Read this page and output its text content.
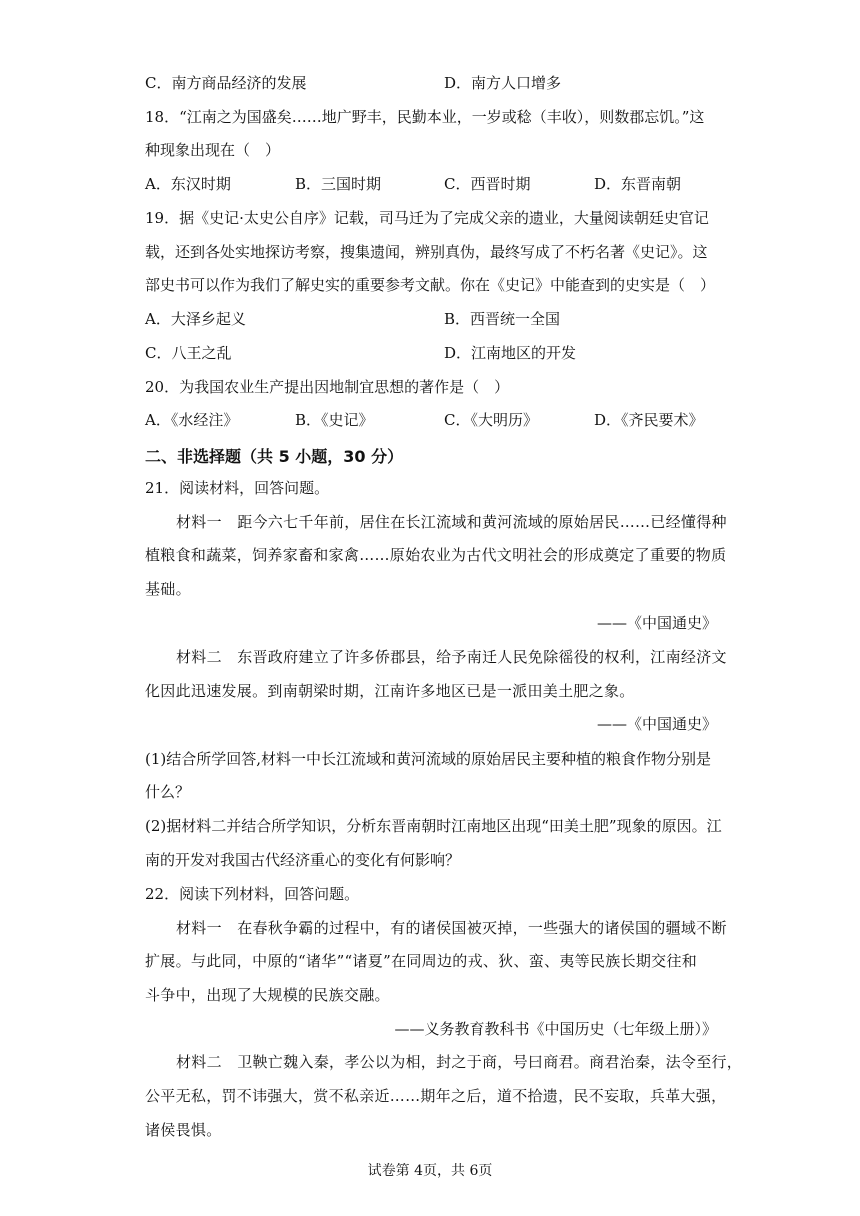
C．南方商品经济的发展	D．南方人口增多
18．“江南之为国盛矣……地广野丰，民勤本业，一岁或稔（丰收），则数郡忘饥。”这
种现象出现在（　）
A．东汉时期	B．三国时期	C．西晋时期	D．东晋南朝
19．据《史记·太史公自序》记载，司马迁为了完成父亲的遗业，大量阅读朝廷史官记
载，还到各处实地探访考察，搜集遗闻，辨别真伪，最终写成了不朽名著《史记》。这
部史书可以作为我们了解史实的重要参考文献。你在《史记》中能查到的史实是（　）
A．大泽乡起义	B．西晋统一全国
C．八王之乱	D．江南地区的开发
20．为我国农业生产提出因地制宜思想的著作是（　）
A．《水经注》	B．《史记》	C．《大明历》	D．《齐民要术》
二、非选择题（共 5 小题，30 分）
21．阅读材料，回答问题。
材料一　距今六七千年前，居住在长江流域和黄河流域的原始居民……已经懂得种
植粮食和蔬菜，饲养家畜和家禽……原始农业为古代文明社会的形成奠定了重要的物质
基础。
——《中国通史》
材料二　东晋政府建立了许多侨郡县，给予南迁人民免除徭役的权利，江南经济文
化因此迅速发展。到南朝梁时期，江南许多地区已是一派田美土肥之象。
——《中国通史》
(1)结合所学回答,材料一中长江流域和黄河流域的原始居民主要种植的粮食作物分别是
什么？
(2)据材料二并结合所学知识，分析东晋南朝时江南地区出现“田美土肥”现象的原因。江
南的开发对我国古代经济重心的变化有何影响？
22．阅读下列材料，回答问题。
材料一　在春秋争霸的过程中，有的诸侯国被灭掉，一些强大的诸侯国的疆域不断
扩展。与此同，中原的“诸华”“诸夏”在同周边的戎、狄、蛮、夷等民族长期交往和
斗争中，出现了大规模的民族交融。
——义务教育教科书《中国历史（七年级上册）》
材料二　卫鞅亡魏入秦，孝公以为相，封之于商，号曰商君。商君治秦，法令至行，
公平无私，罚不讳强大，赏不私亲近……期年之后，道不拾遗，民不妄取，兵革大强，
诸侯畏惧。
试卷第 4页，共 6页
